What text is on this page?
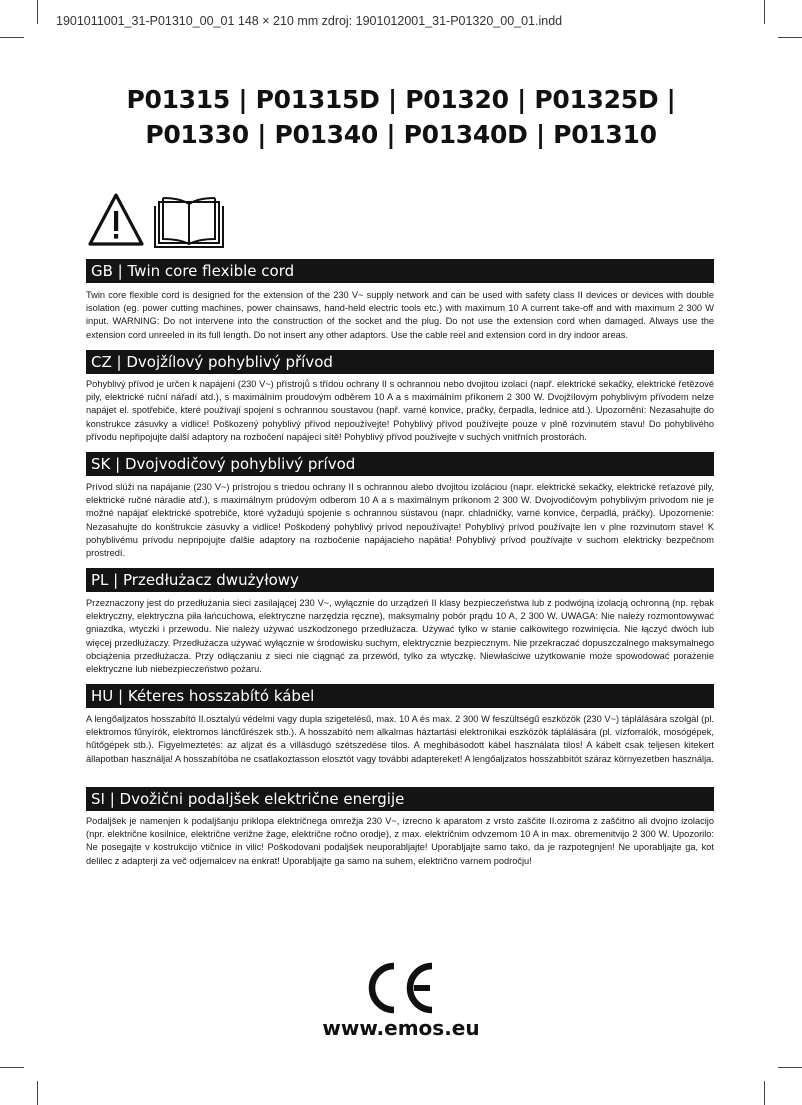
1901011001_31-P01310_00_01 148 × 210 mm zdroj: 1901012001_31-P01320_00_01.indd
P01315 | P01315D | P01320 | P01325D |
P01330 | P01340 | P01340D | P01310
GB | Twin core flexible cord

Twin core flexible cord is designed for the extension of the 230 V~ supply network and can be used with safety class II devices or devices with double isolation (eg. power cutting machines, power chainsaws, hand-held electric tools etc.) with maximum 10 A current take-off and with maximum 2 300 W input. WARNING: Do not intervene into the construction of the socket and the plug. Do not use the extension cord when damaged. Always use the extension cord unreeled in its full length. Do not insert any other adaptors. Use the cable reel and extension cord in dry indoor areas.

CZ | Dvojžílový pohyblivý přívod

Pohyblivý přívod je určen k napájení (230 V~) přístrojů s třídou ochrany II s ochrannou nebo dvojitou izolací (např. elektrické sekačky, elektrické řetězové pily, elektrické ruční nářadí atd.), s maximálním proudovým odběrem 10 A a s maximálním příkonem 2 300 W. Dvojžílovým pohyblivým přívodem nelze napájet el. spotřebiče, které používají spojení s ochrannou soustavou (např. varné konvice, pračky, čerpadla, lednice atd.). Upozornění: Nezasahujte do konstrukce zásuvky a vidlice! Poškozený pohyblivý přívod nepoužívejte! Pohyblivý přívod používejte pouze v plně rozvinutém stavu! Do pohyblivého přívodu nepřipojujte další adaptory na rozbočení napájecí sítě! Pohyblivý přívod používejte v suchých vnitřních prostorách.

SK | Dvojvodičový pohyblivý prívod

Prívod slúži na napájanie (230 V~) prístrojou s triedou ochrany II s ochrannou alebo dvojitou izoláciou (napr. elektrické sekačky, elektrické reťazové pily, elektrické ručné náradie atď.), s maximálnym prúdovým odberom 10 A a s maximálnym príkonom 2 300 W. Dvojvodičovým pohyblivým prívodom nie je možné napájať elektrické spotrebiče, ktoré vyžadujú spojenie s ochrannou sústavou (napr. chladničky, varné konvice, čerpadlá, práčky). Upozornenie: Nezasahujte do konštrukcie zásuvky a vidlice! Poškodený pohyblivý prívod nepoužívajte! Pohyblivý prívod používajte len v plne rozvinutom stave! K pohyblivému prívodu nepripojujte ďalšie adaptory na rozbočenie napájacieho napätia! Pohyblivý prívod používajte v suchom elektricky bezpečnom prostredí.

PL | Przedłużacz dwużyłowy

Przeznaczony jest do przedłużania sieci zasilającej 230 V~, wyłącznie do urządzeń II klasy bezpieczeństwa lub z podwójną izolacją ochronną (np. rębak elektryczny, elektryczna piła łańcuchowa, elektryczne narzędzia ręczne), maksymalny pobór prądu 10 A, 2 300 W. UWAGA: Nie należy rozmontowywać gniazdka, wtyczki i przewodu. Nie należy używać uszkodzonego przedłużacza. Używać tylko w stanie całkowitego rozwinięcia. Nie łączyć dwóch lub więcej przedłużaczy. Przedłużacza używać wyłącznie w środowisku suchym, elektrycznie bezpiecznym. Nie przekraczać dopuszczalnego maksymalnego obciążenia przedłużacza. Przy odłączaniu z sieci nie ciągnąć za przewód, tylko za wtyczkę. Niewłaściwe użytkowanie może spowodować porażenie elektryczne lub niebezpieczeństwo pożaru.

HU | Kéteres hosszabító kábel

A lengőaljzatos hosszabító II.osztalyú védelmi vagy dupla szigetelésű, max. 10 A és max. 2 300 W feszültségű eszközök (230 V~) táplálására szolgál (pl. elektromos fűnyírók, elektromos láncfűrészek stb.). A hosszabító nem alkalmas háztartási elektronikai eszközök táplálására (pl. vízforralók, mosógépek, hűtőgépek stb.). Figyelmeztetés: az aljzat és a villásdugó szétszedése tilos. A meghibásodott kábel használata tilos! A kábelt csak teljesen kitekert állapotban használja! A hosszabítóba ne csatlakoztasson elosztót vagy további adaptereket! A lengőaljzatos hosszabbítót száraz környezetben használja.

SI | Dvožični podaljšek električne energije

Podaljšek je namenjen k podaljšanju priklopa električnega omrežja 230 V~, izrecno k aparatom z vrsto zaščite II.oziroma z zaščitno ali dvojno izolacijo (npr. električne kosilnice, električne verižne žage, električne ročno orodje), z max. električnim odvzemom 10 A in max. obremenitvijo 2 300 W. Upozorilo: Ne posegajte v kostrukcijo vtičnice in vilic! Poškodovani podaljšek neuporabljajte! Uporabljajte samo tako, da je razpotegnjen! Ne uporabljajte ga, kot delilec z adapterji za več odjemalcev na enkrat! Uporabljajte ga samo na suhem, električno varnem področju!

www.emos.eu
